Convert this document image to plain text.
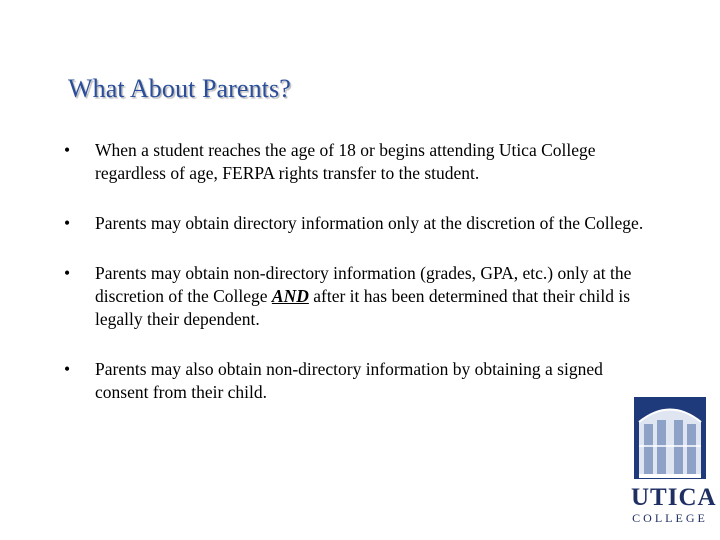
What About Parents?
• When a student reaches the age of 18 or begins attending Utica College regardless of age, FERPA rights transfer to the student.
• Parents may obtain directory information only at the discretion of the College.
• Parents may obtain non-directory information (grades, GPA, etc.) only at the discretion of the College AND after it has been determined that their child is legally their dependent.
• Parents may also obtain non-directory information by obtaining a signed consent from their child.
UTICA
COLLEGE
